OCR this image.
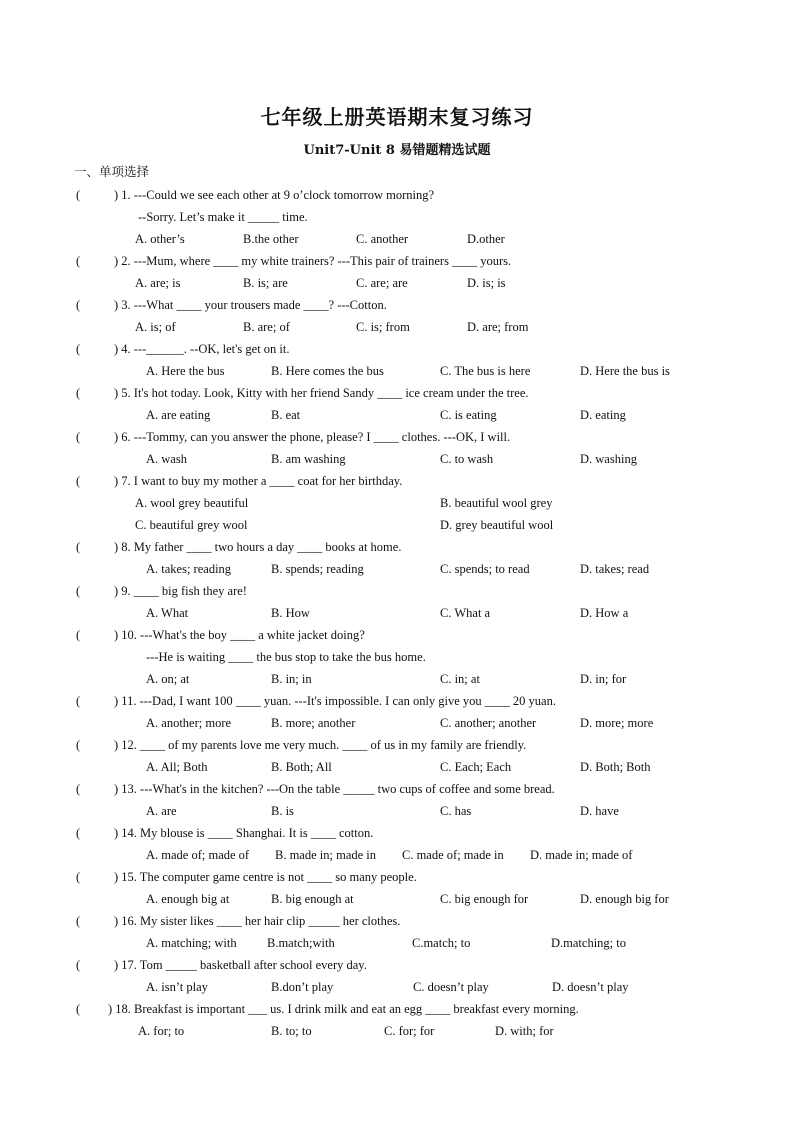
七年级上册英语期末复习练习
Unit7-Unit 8 易错题精选试题
一、单项选择
(	) 1. ---Could we see each other at 9 o’clock tomorrow morning?
--Sorry. Let’s make it _____ time.
A. other’s	B.the other	C. another	D.other
(	) 2. ---Mum, where ____ my white trainers? ---This pair of trainers ____ yours.
A. are; is	B. is; are	C. are; are	D. is; is
(	) 3. ---What ____ your trousers made ____? ---Cotton.
A. is; of	B. are; of	C. is; from	D. are; from
(	) 4. ---______. --OK, let's get on it.
A. Here the bus	B. Here comes the bus	C. The bus is here	D. Here the bus is
(	) 5. It's hot today. Look, Kitty with her friend Sandy ____ ice cream under the tree.
A. are eating	B. eat	C. is eating	D. eating
(	) 6. ---Tommy, can you answer the phone, please? I ____ clothes. ---OK, I will.
A. wash	B. am washing	C. to wash	D. washing
(	) 7. I want to buy my mother a ____ coat for her birthday.
A. wool grey beautiful	B. beautiful wool grey
C. beautiful grey wool	D. grey beautiful wool
(	) 8. My father ____ two hours a day ____ books at home.
A. takes; reading	B. spends; reading	C. spends; to read	D. takes; read
(	) 9. ____ big fish they are!
A. What	B. How	C. What a	D. How a
(	) 10. ---What's the boy ____ a white jacket doing?
---He is waiting ____ the bus stop to take the bus home.
A. on; at	B. in; in	C. in; at	D. in; for
(	) 11. ---Dad, I want 100 ____ yuan. ---It's impossible. I can only give you ____ 20 yuan.
A. another; more	B. more; another	C. another; another	D. more; more
(	) 12. ____ of my parents love me very much. ____ of us in my family are friendly.
A. All; Both	B. Both; All	C. Each; Each	D. Both; Both
(	) 13. ---What's in the kitchen? ---On the table _____ two cups of coffee and some bread.
A. are	B. is	C. has	D. have
(	) 14. My blouse is ____ Shanghai. It is ____ cotton.
A. made of; made of B. made in; made in C. made of; made in D. made in; made of
(	) 15. The computer game centre is not ____ so many people.
A. enough big at	B. big enough at	C. big enough for	D. enough big for
(	) 16. My sister likes ____ her hair clip _____ her clothes.
A. matching; with B.match;with	C.match; to	D.matching; to
(	) 17. Tom _____ basketball after school every day.
A. isn’t play	B.don’t play	C. doesn’t play	D. doesn’t play
( ) 18. Breakfast is important ___ us. I drink milk and eat an egg ____ breakfast every morning.
A. for; to	B. to; to	C. for; for	D. with; for
